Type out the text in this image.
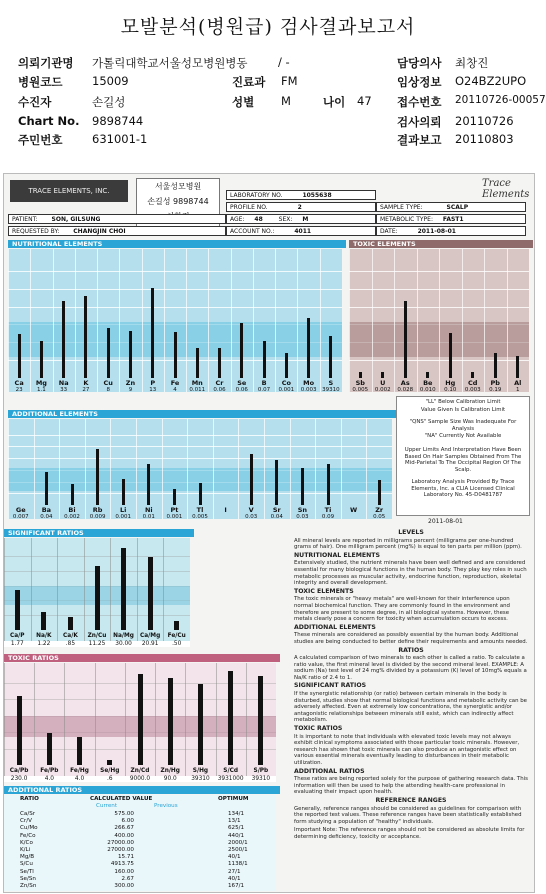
모발분석(병원급) 검사결과보고서
의뢰기관명 가톨릭대학교서울성모병원병동	/ -	담당의사 최창진
병원코드	15009	진료과 FM	임상정보 O24BZ2UPO
수진자	손길성	성별 M	나이 47 접수번호 20110726-00057
Chart No. 9898744	검사의뢰 20110726
주민번호	631001-1	결과보고 20110803
TRACE ELEMENTS, INC.	서울성모병원
손길성 9898744
Trace Elements
LABORATORY NO.	1055638
PROFILE NO.	2	SAMPLE TYPE:	SCALP
PATIENT: SON, GILSUNG	AGE: 48	SEX: M	METABOLIC TYPE: FAST1
REQUESTED BY: CHANGJIN CHOI	ACCOUNT NO.:	4011	DATE:	2011-08-01
NUTRITIONAL ELEMENTS
Ca
23
Mg
1.1
Na
33
K
27
Cu
8
Zn
9
P
13
Fe
4
Mn
0.011
Cr
0.06
Se
0.06
B
0.07
Co
0.001
Mo
0.003
S
39310
TOXIC ELEMENTS
Sb
0.005
U
0.002
As
0.028
Be
0.010
Hg
0.10
Cd
0.003
Pb
0.19
Al
1
ADDITIONAL ELEMENTS
Ge
0.007
Ba
0.04
Bi
0.002
Rb
0.009
Li
0.001
Ni
0.01
Pt
0.001
Tl
0.005
I	V
0.03
Sr
0.04
Sn
0.03
Ti
0.09
W	Zr
0.05
"LL" Below Calibration Limit
Value Given Is Calibration Limit
"QNS" Sample Size Was Inadequate For Analysis
"NA" Currently Not Available
Upper Limits And Interpretation Have Been Based On Hair Samples Obtained From The Mid-Parietal To The Occipital Region Of The Scalp.
Laboratory Analysis Provided By Trace Elements, Inc. a CLIA Licensed Clinical Laboratory No. 45-D0481787
2011-08-01
SIGNIFICANT RATIOS
Ca/P
1.77
Na/K
1.22
Ca/K
.85
Zn/Cu
11.25
Na/Mg
30.00
Ca/Mg
20.91
Fe/Cu
.50
TOXIC RATIOS
Ca/Pb
230.0
Fe/Pb
4.0
Fe/Hg
4.0
Se/Hg
.6
Zn/Cd
9000.0
Zn/Hg
90.0
S/Hg
39310
S/Cd
3931000
S/Pb
39310
ADDITIONAL RATIOS
RATIO	CALCULATED VALUE	OPTIMUM
Current	Previous
Ca/Sr	575.00	134/1
Cr/V	6.00	13/1
Cu/Mo	266.67	625/1
Fe/Co	400.00	440/1
K/Co	27000.00	2000/1
K/Li	27000.00	2500/1
Mg/B	15.71	40/1
S/Cu	4913.75	1138/1
Se/Tl	160.00	27/1
Se/Sn	2.67	40/1
Zn/Sn	300.00	167/1
LEVELS
All mineral levels are reported in milligrams percent (milligrams per one-hundred grams of hair). One milligram percent (mg%) is equal to ten parts per million (ppm).
NUTRITIONAL ELEMENTS
Extensively studied, the nutrient minerals have been well defined and are considered essential for many biological functions in the human body. They play key roles in such metabolic processes as muscular activity, endocrine function, reproduction, skeletal integrity and overall development.
TOXIC ELEMENTS
The toxic minerals or "heavy metals" are well-known for their interference upon normal biochemical function. They are commonly found in the environment and therefore are present to some degree, in all biological systems. However, these metals clearly pose a concern for toxicity when accumulation occurs to excess.
ADDITIONAL ELEMENTS
These minerals are considered as possibly essential by the human body. Additional studies are being conducted to better define their requirements and amounts needed.
RATIOS
A calculated comparison of two minerals to each other is called a ratio. To calculate a ratio value, the first mineral level is divided by the second mineral level. EXAMPLE: A sodium (Na) test level of 24 mg% divided by a potassium (K) level of 10mg% equals a Na/K ratio of 2.4 to 1.
SIGNIFICANT RATIOS
If the synergistic relationship (or ratio) between certain minerals in the body is disturbed, studies show that normal biological functions and metabolic activity can be adversely affected. Even at extremely low concentrations, the synergistic and/or antagonistic relationships between minerals still exist, which can indirectly affect metabolism.
TOXIC RATIOS
It is important to note that individuals with elevated toxic levels may not always exhibit clinical symptoms associated with those particular toxic minerals. However, research has shown that toxic minerals can also produce an antagonistic effect on various essential minerals eventually leading to disturbances in their metabolic utilization.
ADDITIONAL RATIOS
These ratios are being reported solely for the purpose of gathering research data. This information will then be used to help the attending health-care professional in evaluating their impact upon health.
REFERENCE RANGES
Generally, reference ranges should be considered as guidelines for comparison with the reported test values. These reference ranges have been statistically established form studying a population of "healthy" individuals.
Important Note: The reference ranges should not be considered as absolute limits for determining deficiency, toxicity or acceptance.
